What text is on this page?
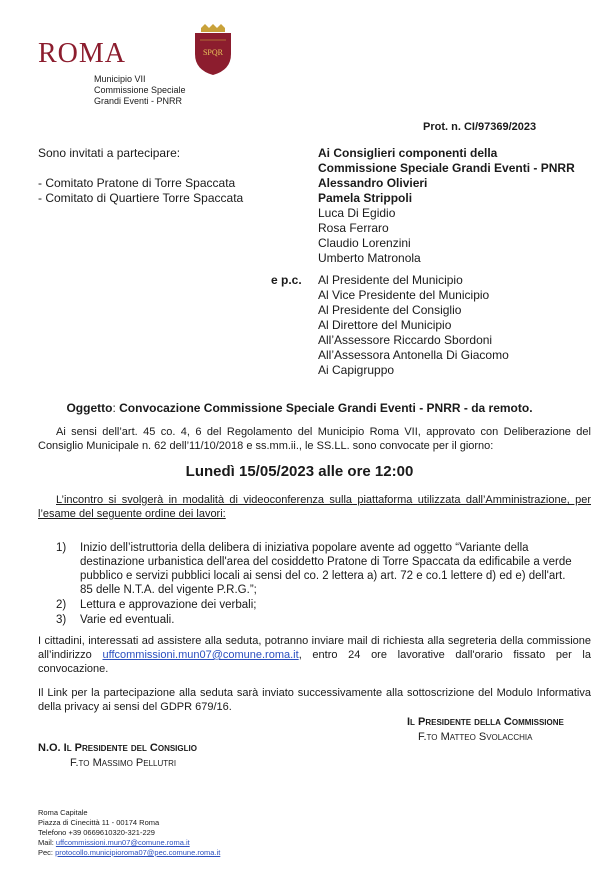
ROMA	SPQR
Municipio VII
Commissione Speciale
Grandi Eventi - PNRR
Prot. n. CI/97369/2023
Sono invitati a partecipare:
- Comitato Pratone di Torre Spaccata
- Comitato di Quartiere Torre Spaccata
Ai Consiglieri componenti della
Commissione Speciale Grandi Eventi - PNRR
Alessandro Olivieri
Pamela Strippoli
Luca Di Egidio
Rosa Ferraro
Claudio Lorenzini
Umberto Matronola
e p.c. Al Presidente del Municipio
Al Vice Presidente del Municipio
Al Presidente del Consiglio
Al Direttore del Municipio
All’Assessore Riccardo Sbordoni
All’Assessora Antonella Di Giacomo
Ai Capigruppo
Oggetto: Convocazione Commissione Speciale Grandi Eventi - PNRR - da remoto.
Ai sensi dell’art. 45 co. 4, 6 del Regolamento del Municipio Roma VII, approvato con Deliberazione del Consiglio Municipale n. 62 dell’11/10/2018 e ss.mm.ii., le SS.LL. sono convocate per il giorno:
Lunedì 15/05/2023 alle ore 12:00
L’incontro si svolgerà in modalità di videoconferenza sulla piattaforma utilizzata dall’Amministrazione, per l’esame del seguente ordine dei lavori:
1) Inizio dell’istruttoria della delibera di iniziativa popolare avente ad oggetto “Variante della destinazione urbanistica dell'area del cosiddetto Pratone di Torre Spaccata da edificabile a verde pubblico e servizi pubblici locali ai sensi del co. 2 lettera a) art. 72 e co.1 lettere d) ed e) dell'art. 85 delle N.T.A. del vigente P.R.G.”;
2) Lettura e approvazione dei verbali;
3) Varie ed eventuali.
I cittadini, interessati ad assistere alla seduta, potranno inviare mail di richiesta alla segreteria della commissione all’indirizzo uffcommissioni.mun07@comune.roma.it, entro 24 ore lavorative dall'orario fissato per la convocazione.
Il Link per la partecipazione alla seduta sarà inviato successivamente alla sottoscrizione del Modulo Informativa della privacy ai sensi del GDPR 679/16.
Il Presidente della Commissione
F.to Matteo Svolacchia
N.O. Il Presidente del Consiglio
F.to Massimo Pellutri
Roma Capitale
Piazza di Cinecittà 11 - 00174 Roma
Telefono +39 0669610320-321-229
Mail: uffcommissioni.mun07@comune.roma.it
Pec: protocollo.municipioroma07@pec.comune.roma.it
